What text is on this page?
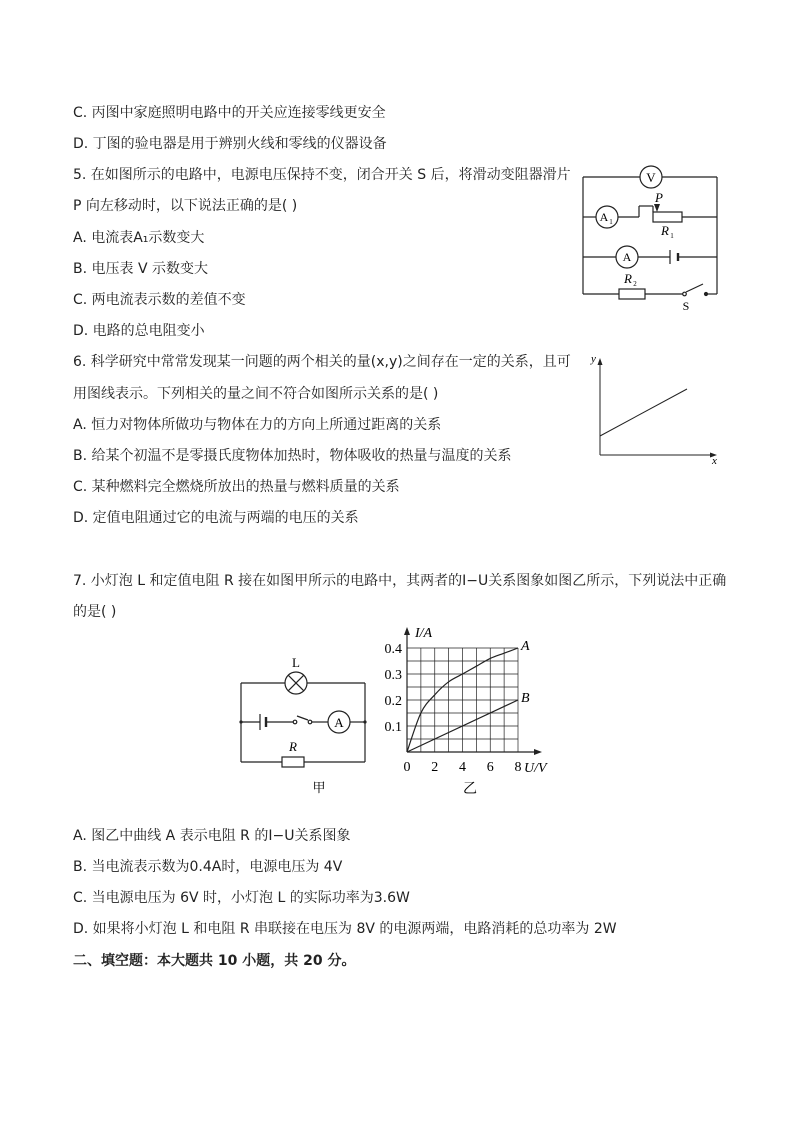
C. 丙图中家庭照明电路中的开关应连接零线更安全
D. 丁图的验电器是用于辨别火线和零线的仪器设备
5. 在如图所示的电路中，电源电压保持不变，闭合开关 S 后，将滑动变阻器滑片
P 向左移动时，以下说法正确的是( )
A. 电流表A₁示数变大
B. 电压表 V 示数变大
C. 两电流表示数的差值不变
D. 电路的总电阻变小
6. 科学研究中常常发现某一问题的两个相关的量(x,y)之间存在一定的关系，且可
用图线表示。下列相关的量之间不符合如图所示关系的是( )
A. 恒力对物体所做功与物体在力的方向上所通过距离的关系
B. 给某个初温不是零摄氏度物体加热时，物体吸收的热量与温度的关系
C. 某种燃料完全燃烧所放出的热量与燃料质量的关系
D. 定值电阻通过它的电流与两端的电压的关系
7. 小灯泡 L 和定值电阻 R 接在如图甲所示的电路中，其两者的I−U关系图象如图乙所示，下列说法中正确
的是( )
A. 图乙中曲线 A 表示电阻 R 的I−U关系图象
B. 当电流表示数为0.4A时，电源电压为 4V
C. 当电源电压为 6V 时，小灯泡 L 的实际功率为3.6W
D. 如果将小灯泡 L 和电阻 R 串联接在电压为 8V 的电源两端，电路消耗的总功率为 2W
二、填空题：本大题共 10 小题，共 20 分。
V
A 1
A
P
R 1
R 2
S
y
x
L
A
R
甲
0 2 4 6 8
0.1
0.2
0.3
0.4
I/A
U/V
乙
A
B
